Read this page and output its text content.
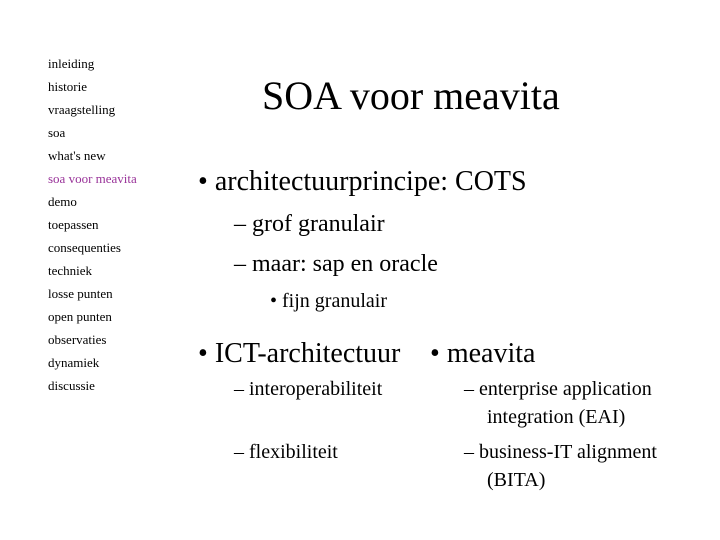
inleiding
historie
vraagstelling
soa
what's new
soa voor meavita
demo
toepassen
consequenties
techniek
losse punten
open punten
observaties
dynamiek
discussie
SOA voor meavita
• architectuurprincipe: COTS
– grof granulair
– maar: sap en oracle
• fijn granulair
• ICT-architectuur
– interoperabiliteit
– flexibiliteit
• meavita
– enterprise application
integration (EAI)
– business-IT alignment
(BITA)
